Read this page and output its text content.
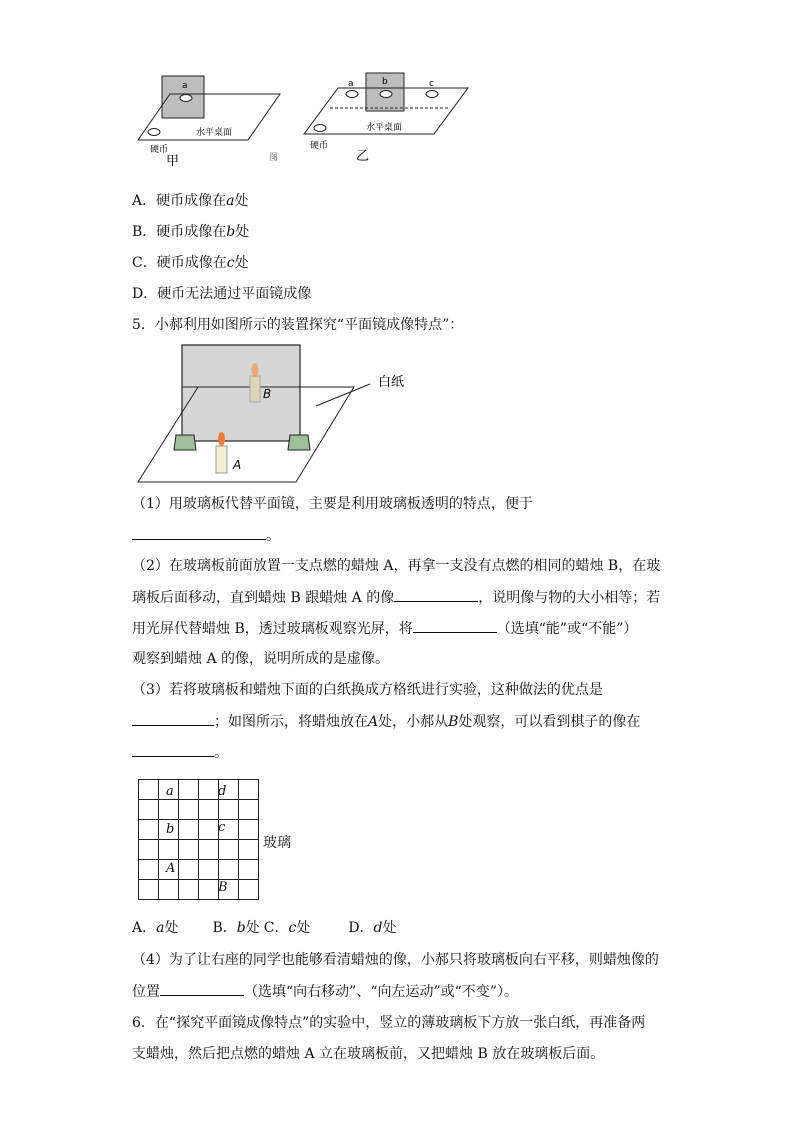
a
水平桌面
硬币
甲	图
a	b	c
水平桌面
硬币
乙
A．硬币成像在a处
B．硬币成像在b处
C．硬币成像在c处
D．硬币无法通过平面镜成像
5．小郝利用如图所示的装置探究“平面镜成像特点”：
B
A
白纸
（1）用玻璃板代替平面镜，主要是利用玻璃板透明的特点，便于
。
（2）在玻璃板前面放置一支点燃的蜡烛 A，再拿一支没有点燃的相同的蜡烛 B，在玻
璃板后面移动，直到蜡烛 B 跟蜡烛 A 的像	，说明像与物的大小相等；若
用光屏代替蜡烛 B，透过玻璃板观察光屏，将	（选填“能”或“不能”）
观察到蜡烛 A 的像，说明所成的是虚像。
（3）若将玻璃板和蜡烛下面的白纸换成方格纸进行实验，这种做法的优点是
；如图所示，将蜡烛放在A处，小郝从B处观察，可以看到棋子的像在
。

a	d
b	c
A
B
玻璃
A．a处 B．b处 C．c处	D．d处
（4）为了让右座的同学也能够看清蜡烛的像，小郝只将玻璃板向右平移，则蜡烛像的
位置	（选填“向右移动”、“向左运动”或“不变”）。
6．在“探究平面镜成像特点”的实验中，竖立的薄玻璃板下方放一张白纸，再准备两
支蜡烛，然后把点燃的蜡烛 A 立在玻璃板前，又把蜡烛 B 放在玻璃板后面。
